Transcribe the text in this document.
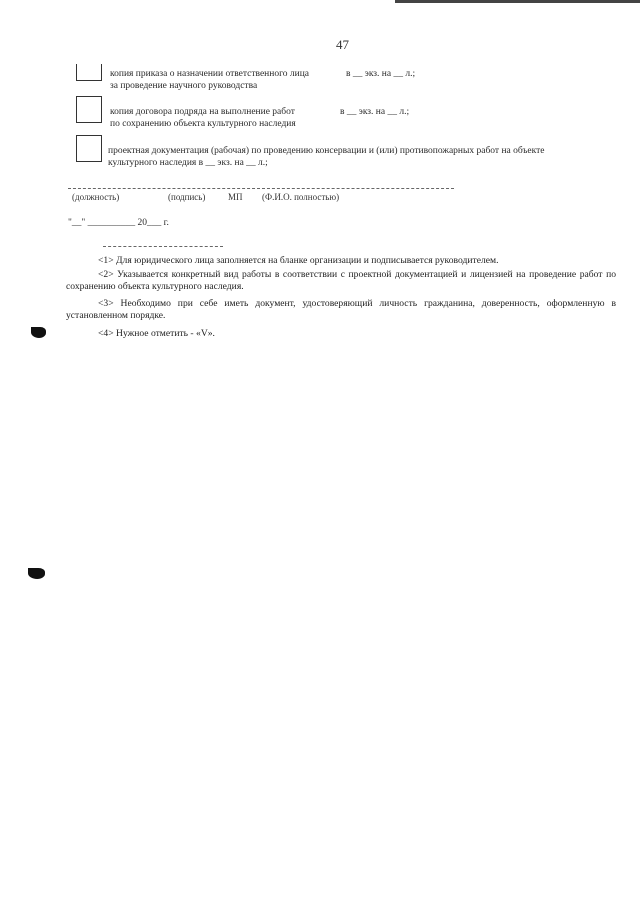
47
копия приказа о назначении ответственного лица	в __ экз. на __ л.;
за проведение научного руководства
копия договора подряда на выполнение работ	в __ экз. на __ л.;
по сохранению объекта культурного наследия
проектная документация (рабочая) по проведению консервации и (или) противопожарных работ на объекте
культурного наследия в __ экз. на __ л.;
(должность)	(подпись)	МП (Ф.И.О. полностью)
"__" __________ 20___ г.
<1> Для юридического лица заполняется на бланке организации и подписывается руководителем.
<2> Указывается конкретный вид работы в соответствии с проектной документацией и лицензией на проведение работ по сохранению объекта культурного наследия.
<3> Необходимо при себе иметь документ, удостоверяющий личность гражданина, доверенность, оформленную в установленном порядке.
<4> Нужное отметить - «V».
